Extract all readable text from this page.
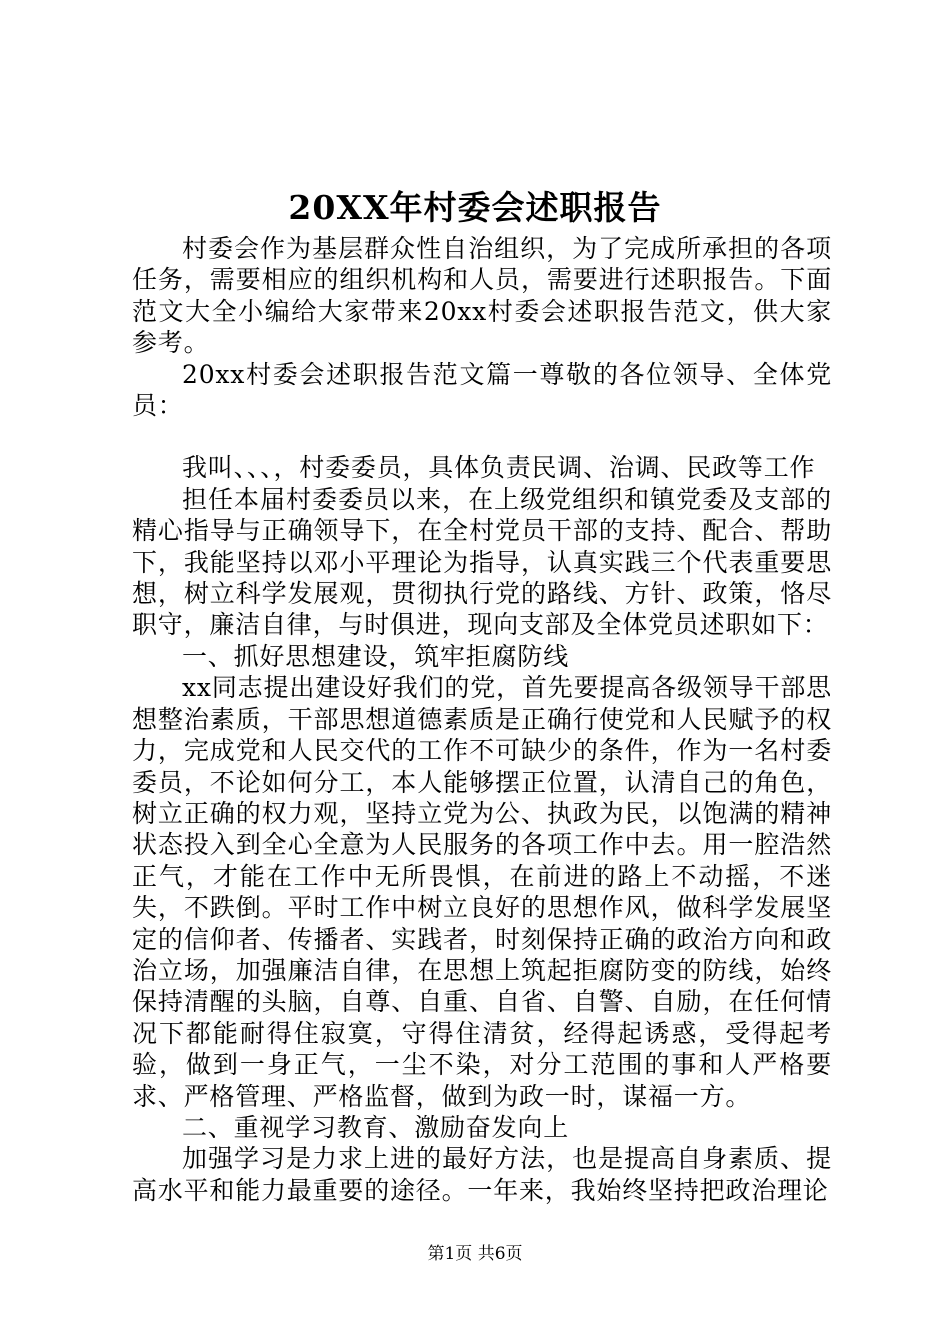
20XX年村委会述职报告

村委会作为基层群众性自治组织，为了完成所承担的各项任务，需要相应的组织机构和人员，需要进行述职报告。下面范文大全小编给大家带来20xx村委会述职报告范文，供大家参考。

20xx村委会述职报告范文篇一尊敬的各位领导、全体党员：

我叫、、、，村委委员，具体负责民调、治调、民政等工作

担任本届村委委员以来，在上级党组织和镇党委及支部的精心指导与正确领导下，在全村党员干部的支持、配合、帮助下，我能坚持以邓小平理论为指导，认真实践三个代表重要思想，树立科学发展观，贯彻执行党的路线、方针、政策，恪尽职守，廉洁自律，与时俱进，现向支部及全体党员述职如下：

一、抓好思想建设，筑牢拒腐防线

xx同志提出建设好我们的党，首先要提高各级领导干部思想整治素质，干部思想道德素质是正确行使党和人民赋予的权力，完成党和人民交代的工作不可缺少的条件，作为一名村委委员，不论如何分工，本人能够摆正位置，认清自己的角色，树立正确的权力观，坚持立党为公、执政为民，以饱满的精神状态投入到全心全意为人民服务的各项工作中去。用一腔浩然正气，才能在工作中无所畏惧，在前进的路上不动摇，不迷失，不跌倒。平时工作中树立良好的思想作风，做科学发展坚定的信仰者、传播者、实践者，时刻保持正确的政治方向和政治立场，加强廉洁自律，在思想上筑起拒腐防变的防线，始终保持清醒的头脑，自尊、自重、自省、自警、自励，在任何情况下都能耐得住寂寞，守得住清贫，经得起诱惑，受得起考验，做到一身正气，一尘不染，对分工范围的事和人严格要求、严格管理、严格监督，做到为政一时，谋福一方。

二、重视学习教育、激励奋发向上

加强学习是力求上进的最好方法，也是提高自身素质、提高水平和能力最重要的途径。一年来，我始终坚持把政治理论

第1页 共6页
